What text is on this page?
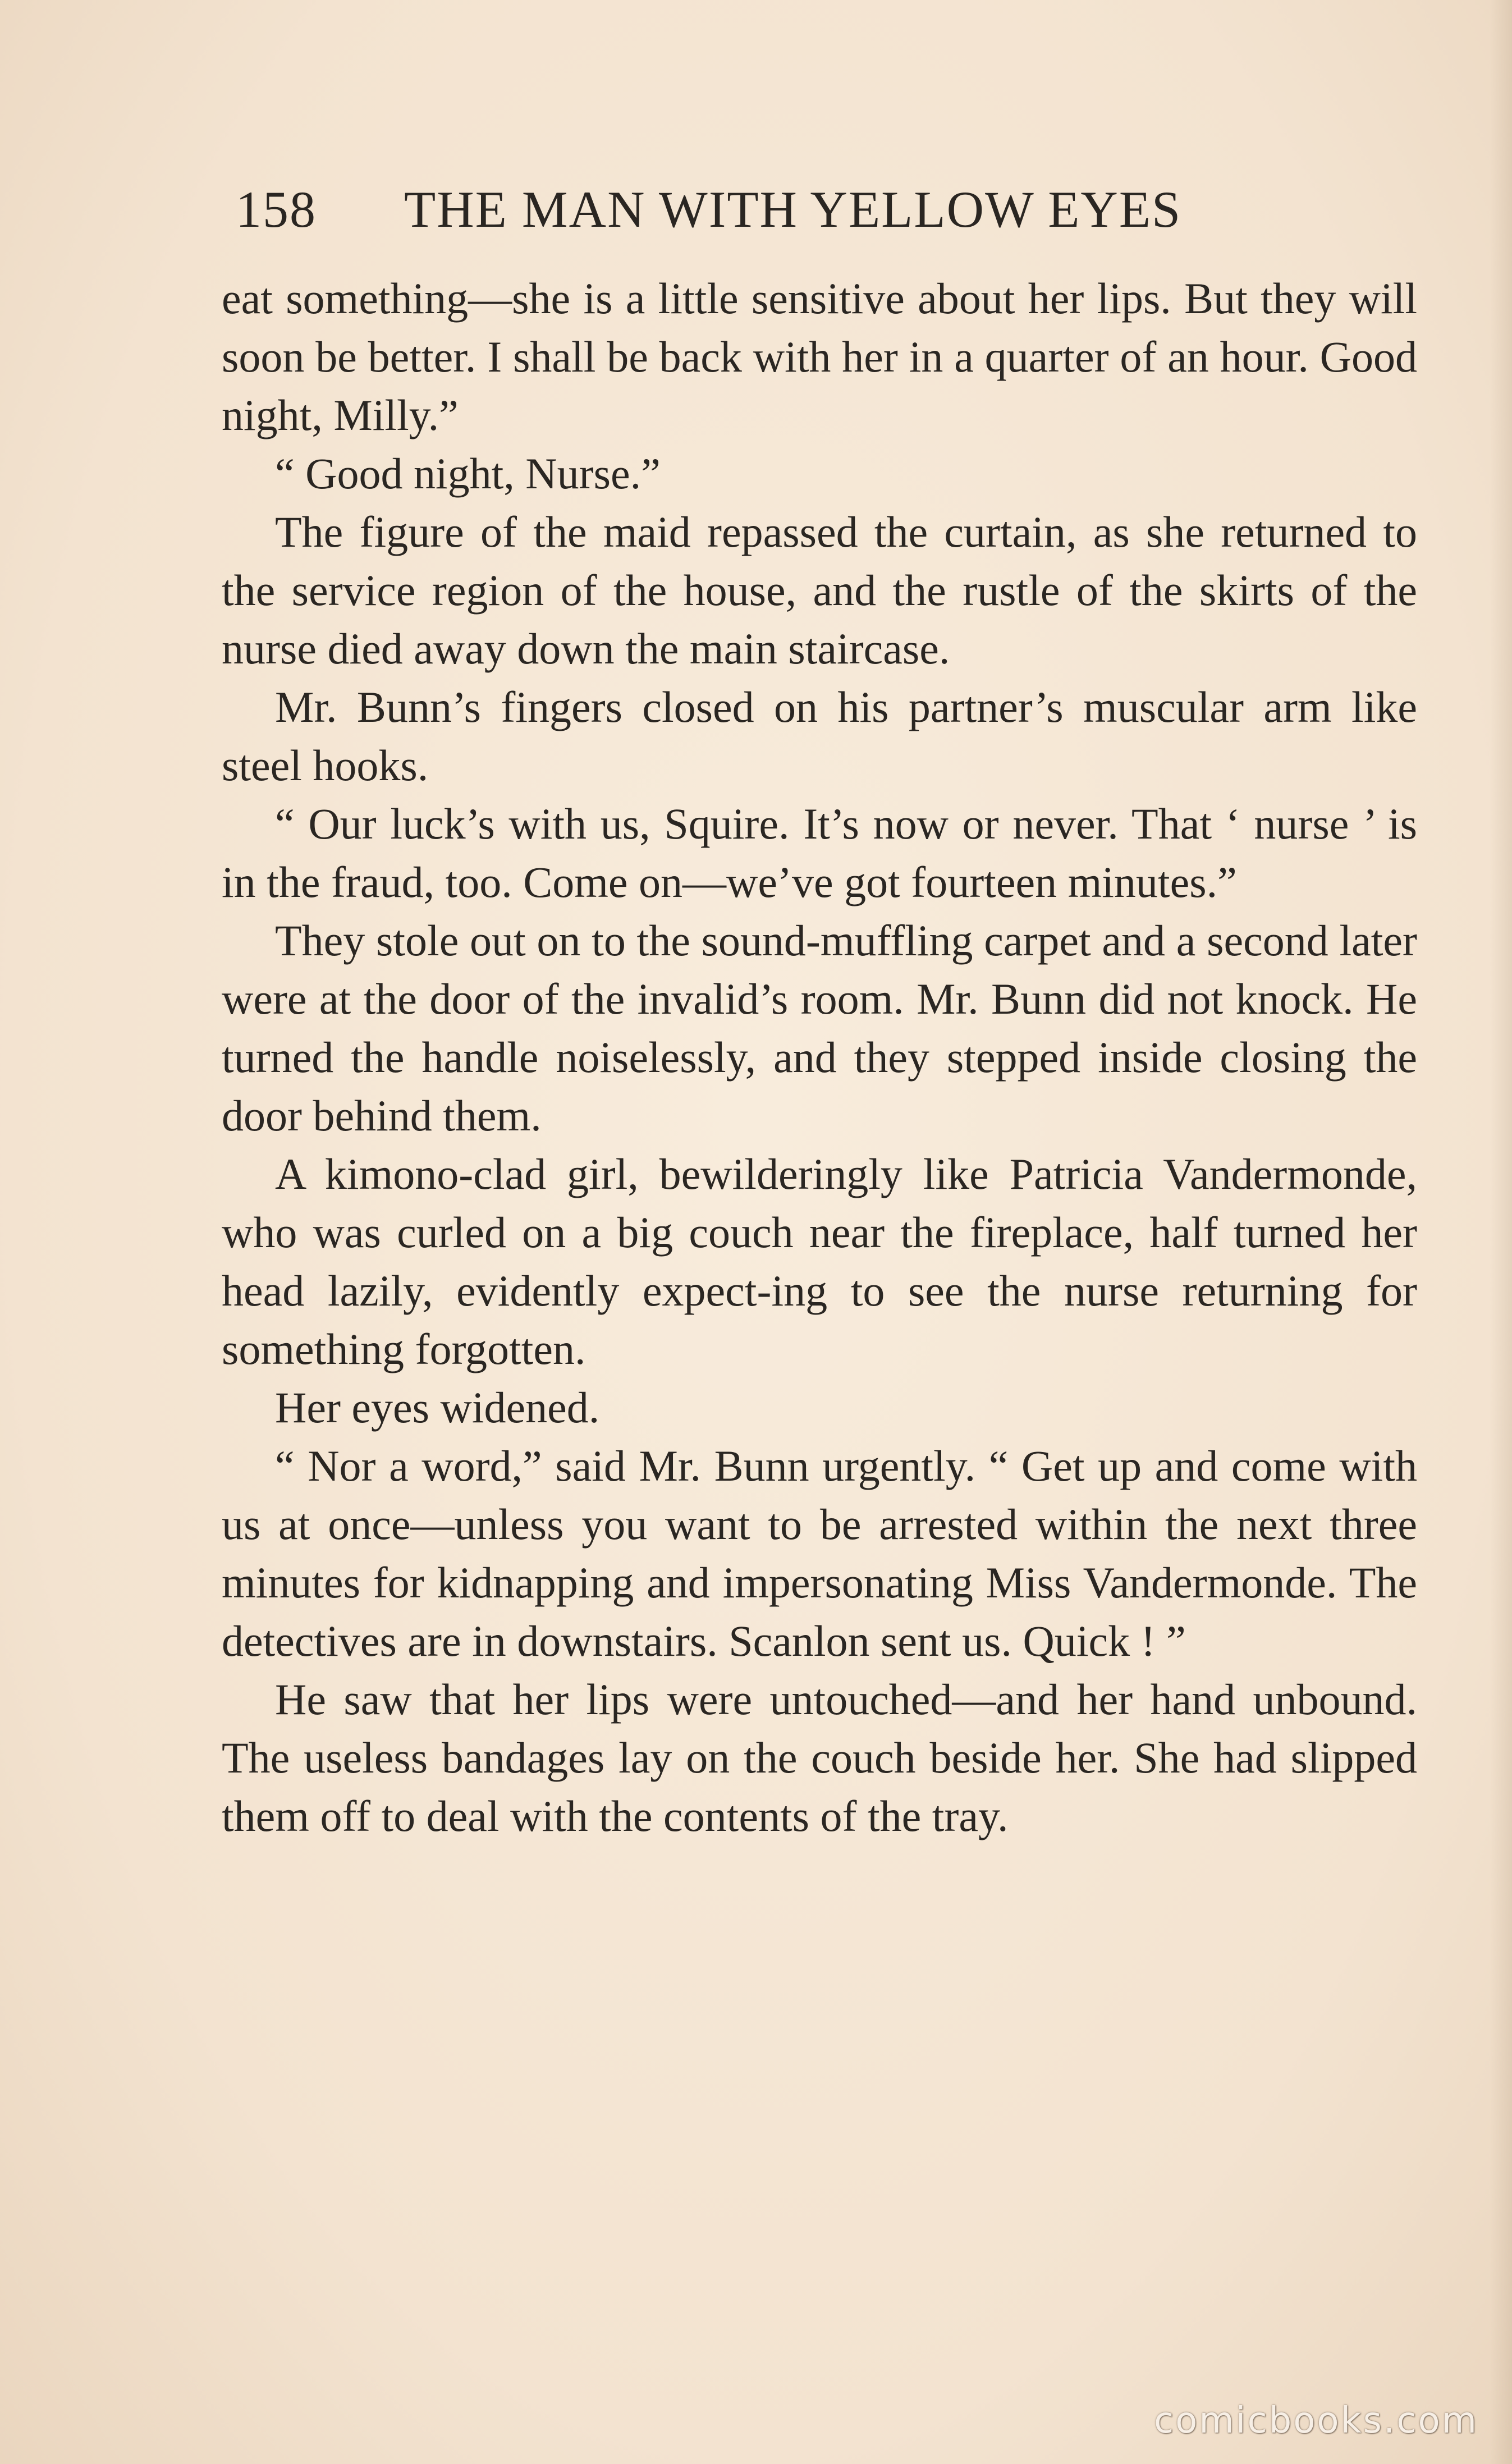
158 THE MAN WITH YELLOW EYES

eat something—she is a little sensitive about her lips. But they will soon be better. I shall be back with her in a quarter of an hour. Good night, Milly.”

“ Good night, Nurse.”

The figure of the maid repassed the curtain, as she returned to the service region of the house, and the rustle of the skirts of the nurse died away down the main staircase.

Mr. Bunn’s fingers closed on his partner’s muscular arm like steel hooks.

“ Our luck’s with us, Squire. It’s now or never. That ‘ nurse ’ is in the fraud, too. Come on—we’ve got fourteen minutes.”

They stole out on to the sound-muffling carpet and a second later were at the door of the invalid’s room. Mr. Bunn did not knock. He turned the handle noiselessly, and they stepped inside closing the door behind them.

A kimono-clad girl, bewilderingly like Patricia Vandermonde, who was curled on a big couch near the fireplace, half turned her head lazily, evidently expect-ing to see the nurse returning for something forgotten.

Her eyes widened.

“ Nor a word,” said Mr. Bunn urgently. “ Get up and come with us at once—unless you want to be arrested within the next three minutes for kidnapping and impersonating Miss Vandermonde. The detectives are in downstairs. Scanlon sent us. Quick ! ”

He saw that her lips were untouched—and her hand unbound. The useless bandages lay on the couch beside her. She had slipped them off to deal with the contents of the tray.

comicbooks.com
